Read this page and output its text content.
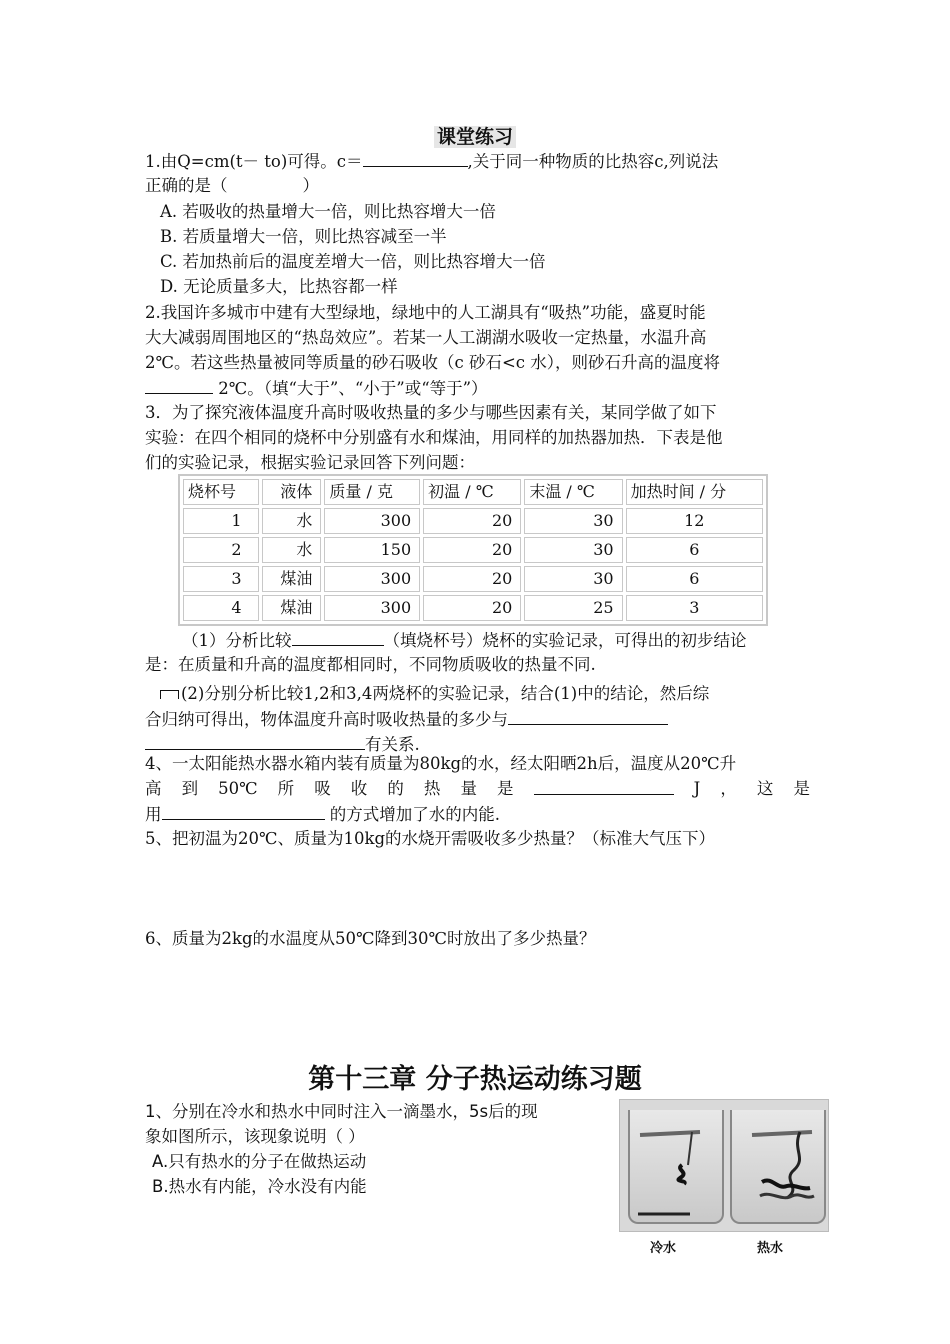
课堂练习
1.由Q=cm(t－ to)可得。c＝	,关于同一种物质的比热容c,列说法
正确的是（	）
A. 若吸收的热量增大一倍，则比热容增大一倍
B. 若质量增大一倍，则比热容减至一半
C. 若加热前后的温度差增大一倍，则比热容增大一倍
D. 无论质量多大，比热容都一样
2.我国许多城市中建有大型绿地，绿地中的人工湖具有“吸热”功能，盛夏时能
大大减弱周围地区的“热岛效应”。若某一人工湖湖水吸收一定热量，水温升高
2℃。若这些热量被同等质量的砂石吸收（c 砂石<c 水），则砂石升高的温度将
2℃。（填“大于”、“小于”或“等于”）
3．为了探究液体温度升高时吸收热量的多少与哪些因素有关，某同学做了如下
实验：在四个相同的烧杯中分别盛有水和煤油，用同样的加热器加热．下表是他
们的实验记录，根据实验记录回答下列问题：
烧杯号	液体	质量 / 克	初温 / ℃	末温 / ℃	加热时间 / 分
1	水	300	20	30	12
2	水	150	20	30	6
3	煤油	300	20	30	6
4	煤油	300	20	25	3
（1）分析比较	（填烧杯号）烧杯的实验记录，可得出的初步结论
是：在质量和升高的温度都相同时，不同物质吸收的热量不同.
(2)分别分析比较1,2和3,4两烧杯的实验记录，结合(1)中的结论，然后综
合归纳可得出，物体温度升高时吸收热量的多少与
有关系.
4、一太阳能热水器水箱内装有质量为80kg的水，经太阳晒2h后，温度从20℃升
高 到 50℃ 所 吸 收 的 热 量 是	J ， 这 是
用	的方式增加了水的内能.
5、把初温为20℃、质量为10kg的水烧开需吸收多少热量？（标准大气压下）
6、质量为2kg的水温度从50℃降到30℃时放出了多少热量？
第十三章 分子热运动练习题
1、分别在冷水和热水中同时注入一滴墨水，5s后的现
象如图所示，该现象说明（ ）
A.只有热水的分子在做热运动
B.热水有内能，冷水没有内能
冷水	热水
